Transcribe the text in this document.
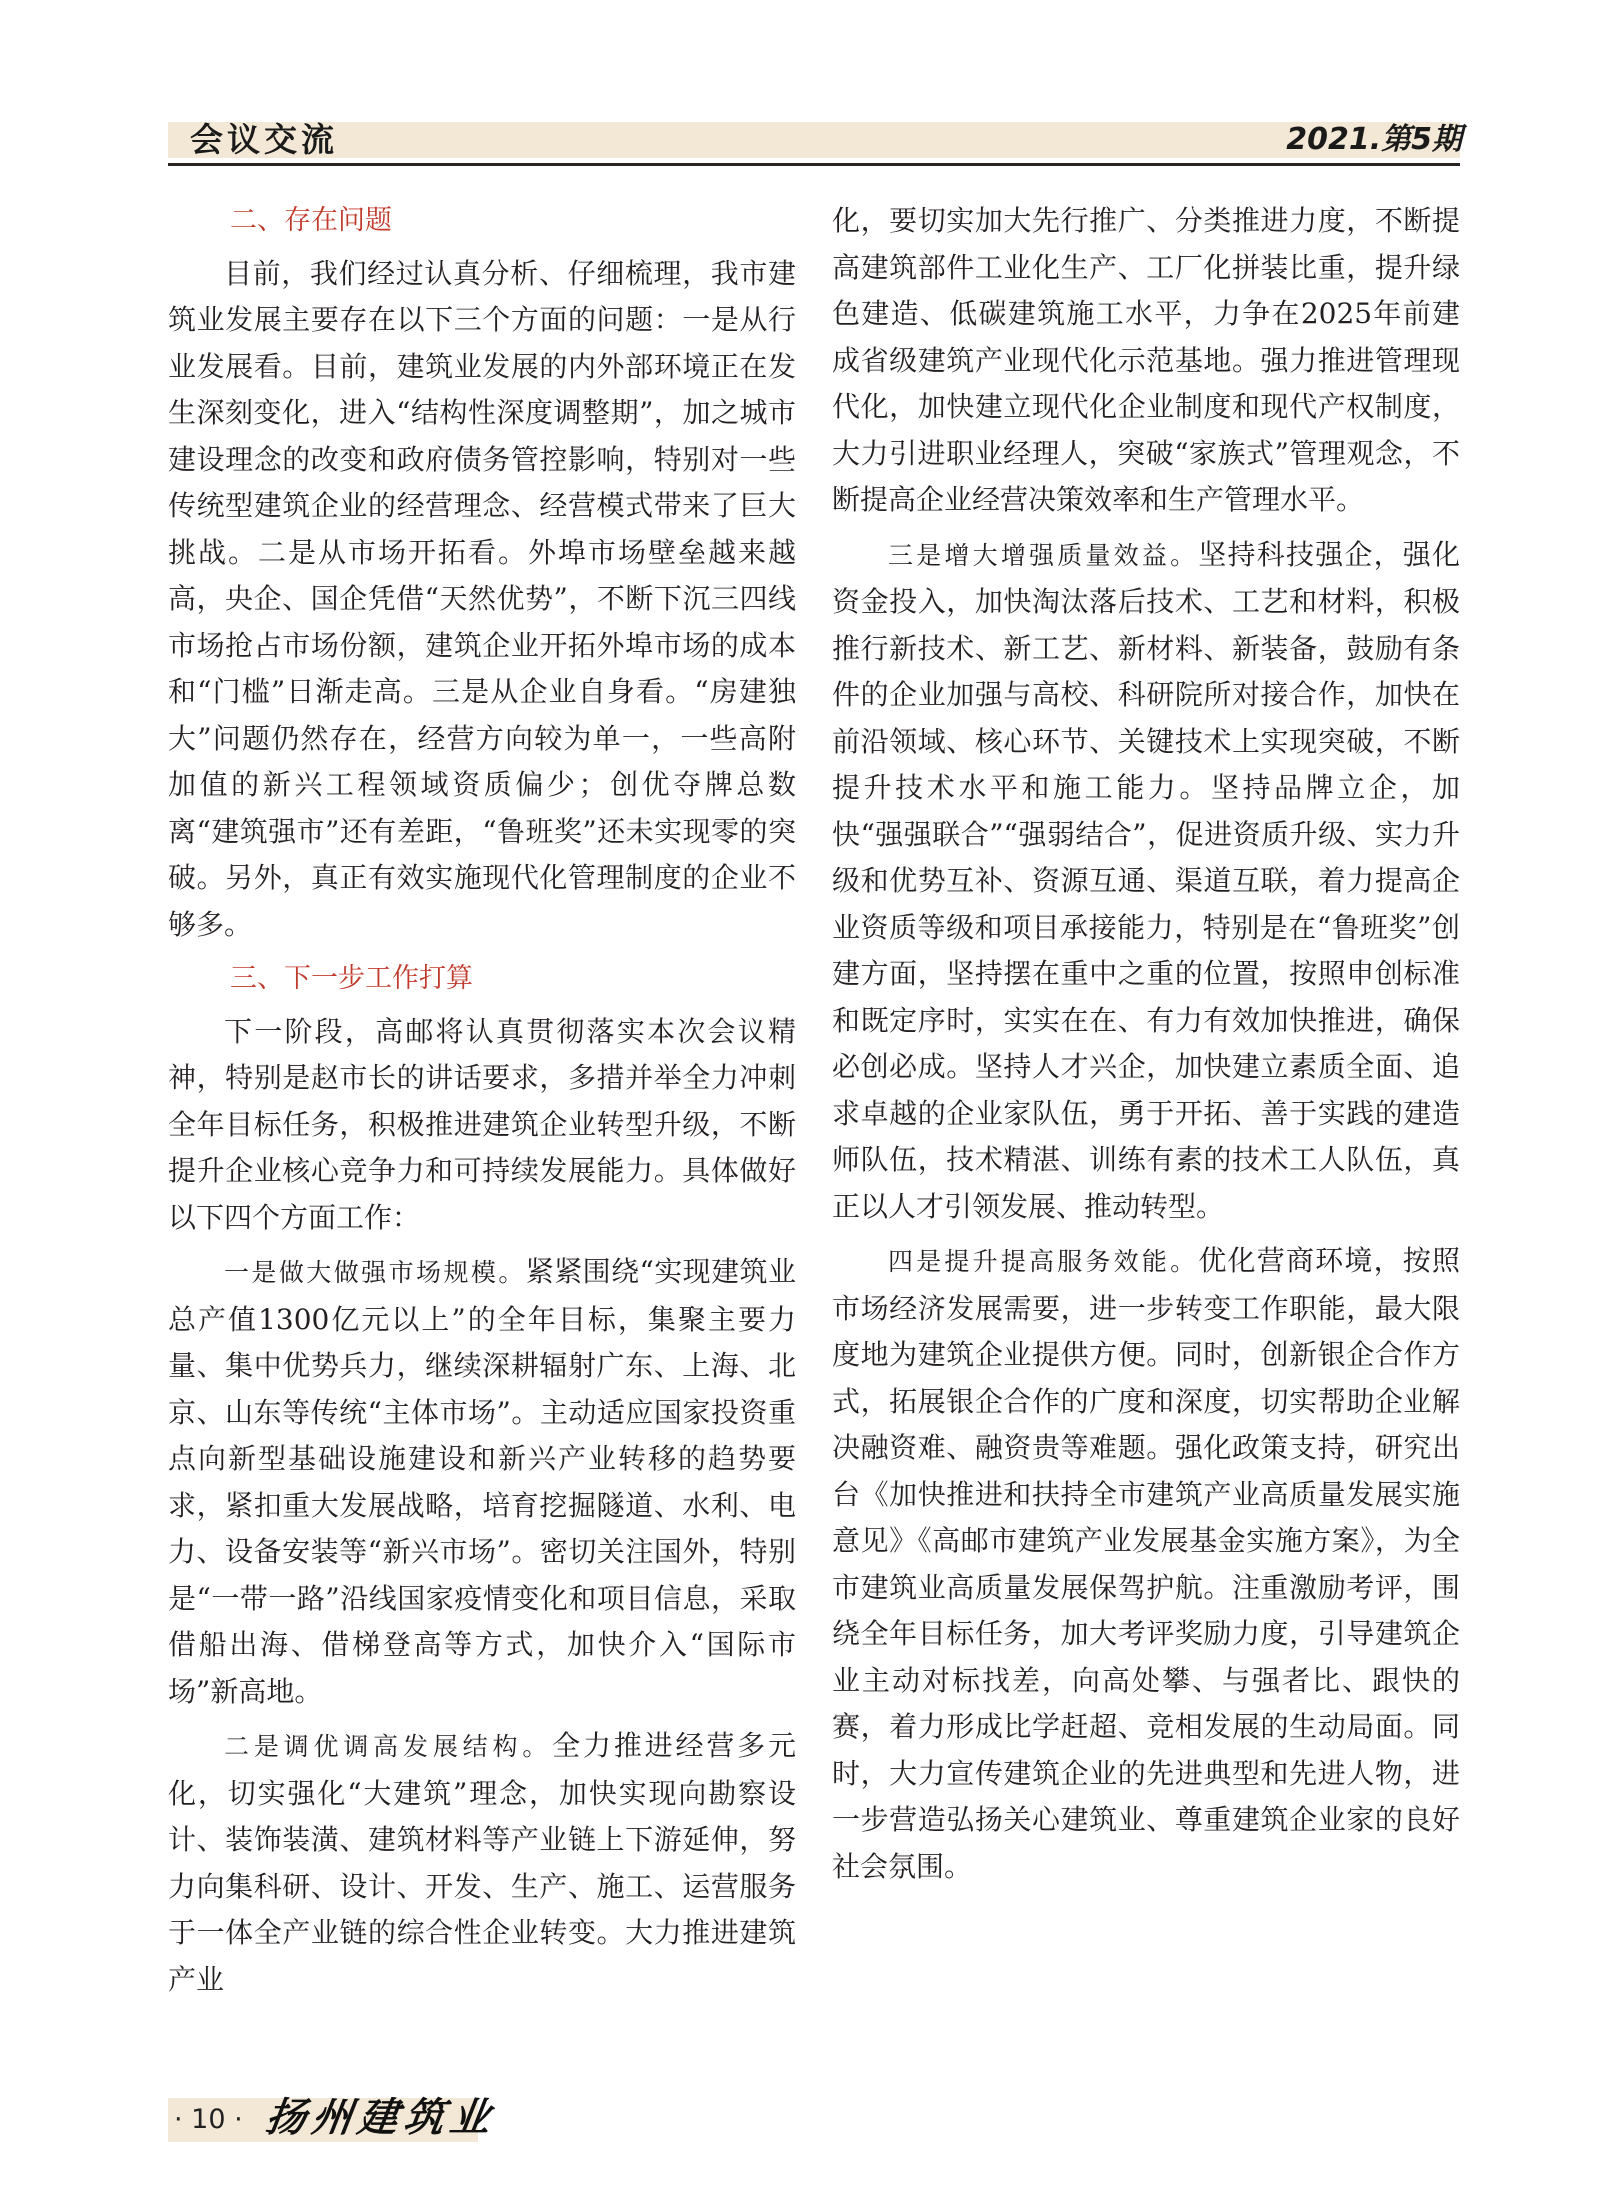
会议交流	2021.第5期
二、存在问题

目前，我们经过认真分析、仔细梳理，我市建筑业发展主要存在以下三个方面的问题：一是从行业发展看。目前，建筑业发展的内外部环境正在发生深刻变化，进入“结构性深度调整期”，加之城市建设理念的改变和政府债务管控影响，特别对一些传统型建筑企业的经营理念、经营模式带来了巨大挑战。二是从市场开拓看。外埠市场壁垒越来越高，央企、国企凭借“天然优势”，不断下沉三四线市场抢占市场份额，建筑企业开拓外埠市场的成本和“门槛”日渐走高。三是从企业自身看。“房建独大”问题仍然存在，经营方向较为单一，一些高附加值的新兴工程领域资质偏少；创优夺牌总数离“建筑强市”还有差距，“鲁班奖”还未实现零的突破。另外，真正有效实施现代化管理制度的企业不够多。

三、下一步工作打算

下一阶段，高邮将认真贯彻落实本次会议精神，特别是赵市长的讲话要求，多措并举全力冲刺全年目标任务，积极推进建筑企业转型升级，不断提升企业核心竞争力和可持续发展能力。具体做好以下四个方面工作：

一是做大做强市场规模。紧紧围绕“实现建筑业总产值1300亿元以上”的全年目标，集聚主要力量、集中优势兵力，继续深耕辐射广东、上海、北京、山东等传统“主体市场”。主动适应国家投资重点向新型基础设施建设和新兴产业转移的趋势要求，紧扣重大发展战略，培育挖掘隧道、水利、电力、设备安装等“新兴市场”。密切关注国外，特别是“一带一路”沿线国家疫情变化和项目信息，采取借船出海、借梯登高等方式，加快介入“国际市场”新高地。

二是调优调高发展结构。全力推进经营多元化，切实强化“大建筑”理念，加快实现向勘察设计、装饰装潢、建筑材料等产业链上下游延伸，努力向集科研、设计、开发、生产、施工、运营服务于一体全产业链的综合性企业转变。大力推进建筑产业

化，要切实加大先行推广、分类推进力度，不断提高建筑部件工业化生产、工厂化拼装比重，提升绿色建造、低碳建筑施工水平，力争在2025年前建成省级建筑产业现代化示范基地。强力推进管理现代化，加快建立现代化企业制度和现代产权制度，大力引进职业经理人，突破“家族式”管理观念，不断提高企业经营决策效率和生产管理水平。

三是增大增强质量效益。坚持科技强企，强化资金投入，加快淘汰落后技术、工艺和材料，积极推行新技术、新工艺、新材料、新装备，鼓励有条件的企业加强与高校、科研院所对接合作，加快在前沿领域、核心环节、关键技术上实现突破，不断提升技术水平和施工能力。坚持品牌立企，加快“强强联合”“强弱结合”，促进资质升级、实力升级和优势互补、资源互通、渠道互联，着力提高企业资质等级和项目承接能力，特别是在“鲁班奖”创建方面，坚持摆在重中之重的位置，按照申创标准和既定序时，实实在在、有力有效加快推进，确保必创必成。坚持人才兴企，加快建立素质全面、追求卓越的企业家队伍，勇于开拓、善于实践的建造师队伍，技术精湛、训练有素的技术工人队伍，真正以人才引领发展、推动转型。

四是提升提高服务效能。优化营商环境，按照市场经济发展需要，进一步转变工作职能，最大限度地为建筑企业提供方便。同时，创新银企合作方式，拓展银企合作的广度和深度，切实帮助企业解决融资难、融资贵等难题。强化政策支持，研究出台《加快推进和扶持全市建筑产业高质量发展实施意见》《高邮市建筑产业发展基金实施方案》，为全市建筑业高质量发展保驾护航。注重激励考评，围绕全年目标任务，加大考评奖励力度，引导建筑企业主动对标找差，向高处攀、与强者比、跟快的赛，着力形成比学赶超、竞相发展的生动局面。同时，大力宣传建筑企业的先进典型和先进人物，进一步营造弘扬关心建筑业、尊重建筑企业家的良好社会氛围。

· 10 · 扬州建筑业
